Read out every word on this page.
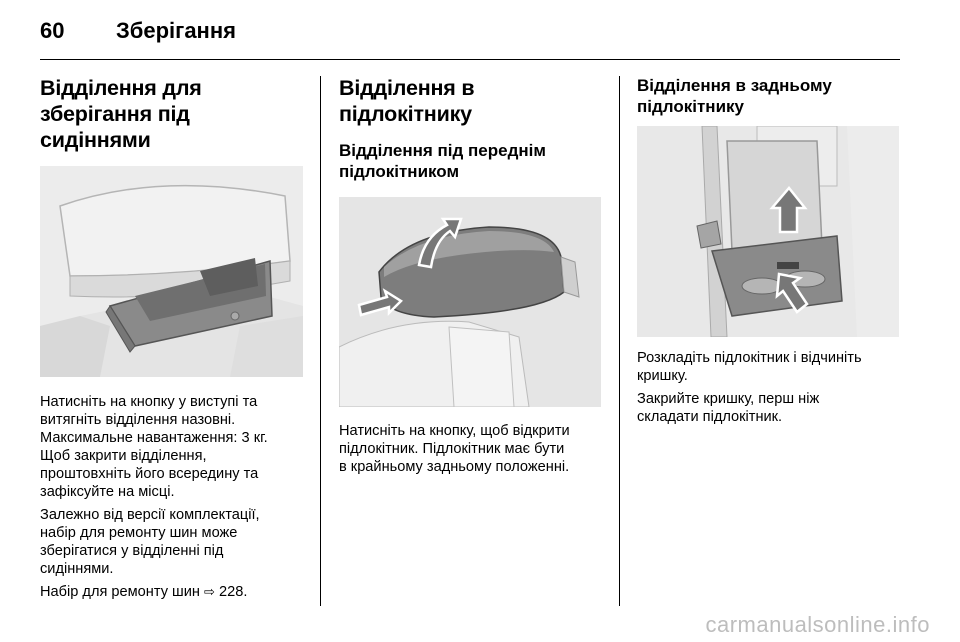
60 Зберігання
Відділення для
зберігання під сидіннями

Натисніть на кнопку у виступі та
витягніть відділення назовні.
Максимальне навантаження: 3 кг.
Щоб закрити відділення,
проштовхніть його всередину та
зафіксуйте на місці.

Залежно від версії комплектації,
набір для ремонту шин може
зберігатися у відділенні під
сидіннями.

Набір для ремонту шин ⇨ 228.

Відділення в підлокітнику
Відділення під переднім
підлокітником

Натисніть на кнопку, щоб відкрити
підлокітник. Підлокітник має бути
в крайньому задньому положенні.

Відділення в задньому
підлокітнику

Розкладіть підлокітник і відчиніть
кришку.

Закрийте кришку, перш ніж
складати підлокітник.

carmanualsonline.info
